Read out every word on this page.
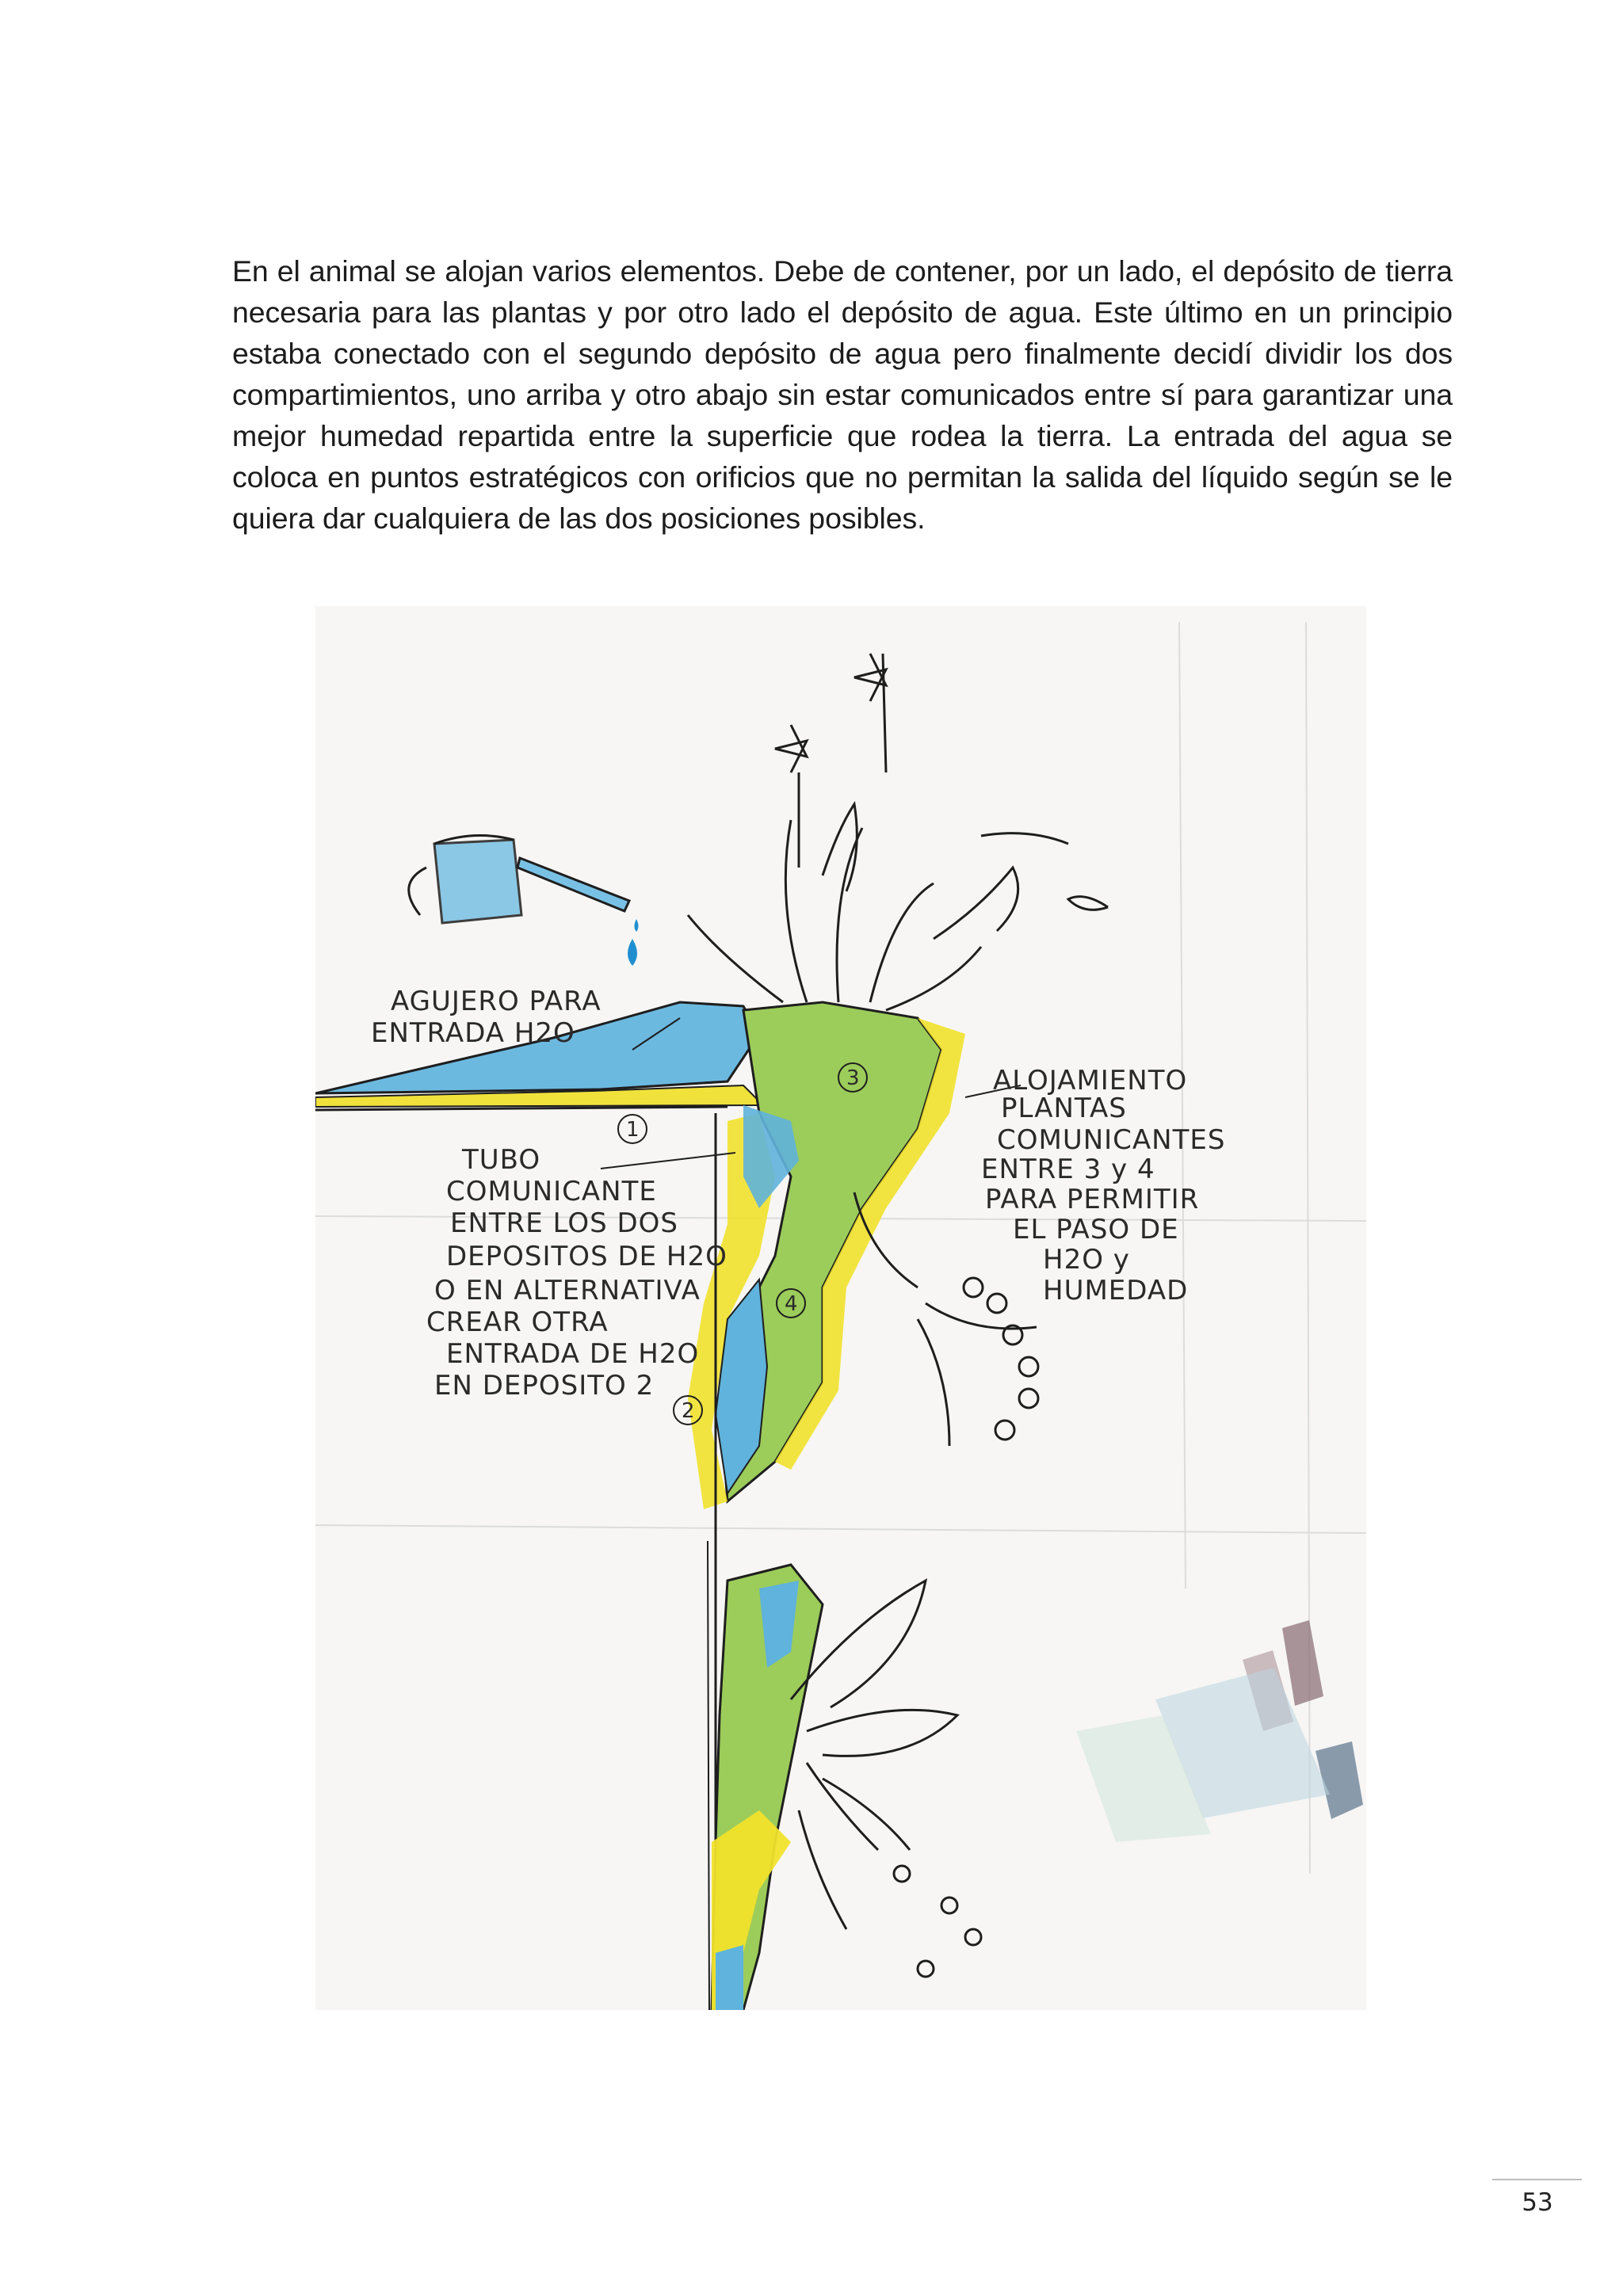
En el animal se alojan varios elementos. Debe de contener, por un lado, el depósito de tierra necesaria para las plantas y por otro lado el depósito de agua. Este último en un principio estaba conectado con el segundo depósito de agua pero finalmente decidí dividir los dos compartimientos, uno arriba y otro abajo sin estar comunicados entre sí para garantizar una mejor humedad repartida entre la superficie que rodea la tierra. La entrada del agua se coloca en puntos estratégicos con orificios que no permitan la salida del líquido según se le quiera dar cualquiera de las dos posiciones posibles.

AGUJERO PARA
ENTRADA H2O
TUBO
COMUNICANTE
ENTRE LOS DOS
DEPOSITOS DE H2O
O EN ALTERNATIVA
CREAR OTRA
ENTRADA DE H2O
EN DEPOSITO 2
ALOJAMIENTO
PLANTAS
COMUNICANTES
ENTRE 3 y 4
PARA PERMITIR
EL PASO DE
H2O y
HUMEDAD
1
2
3
4
53
